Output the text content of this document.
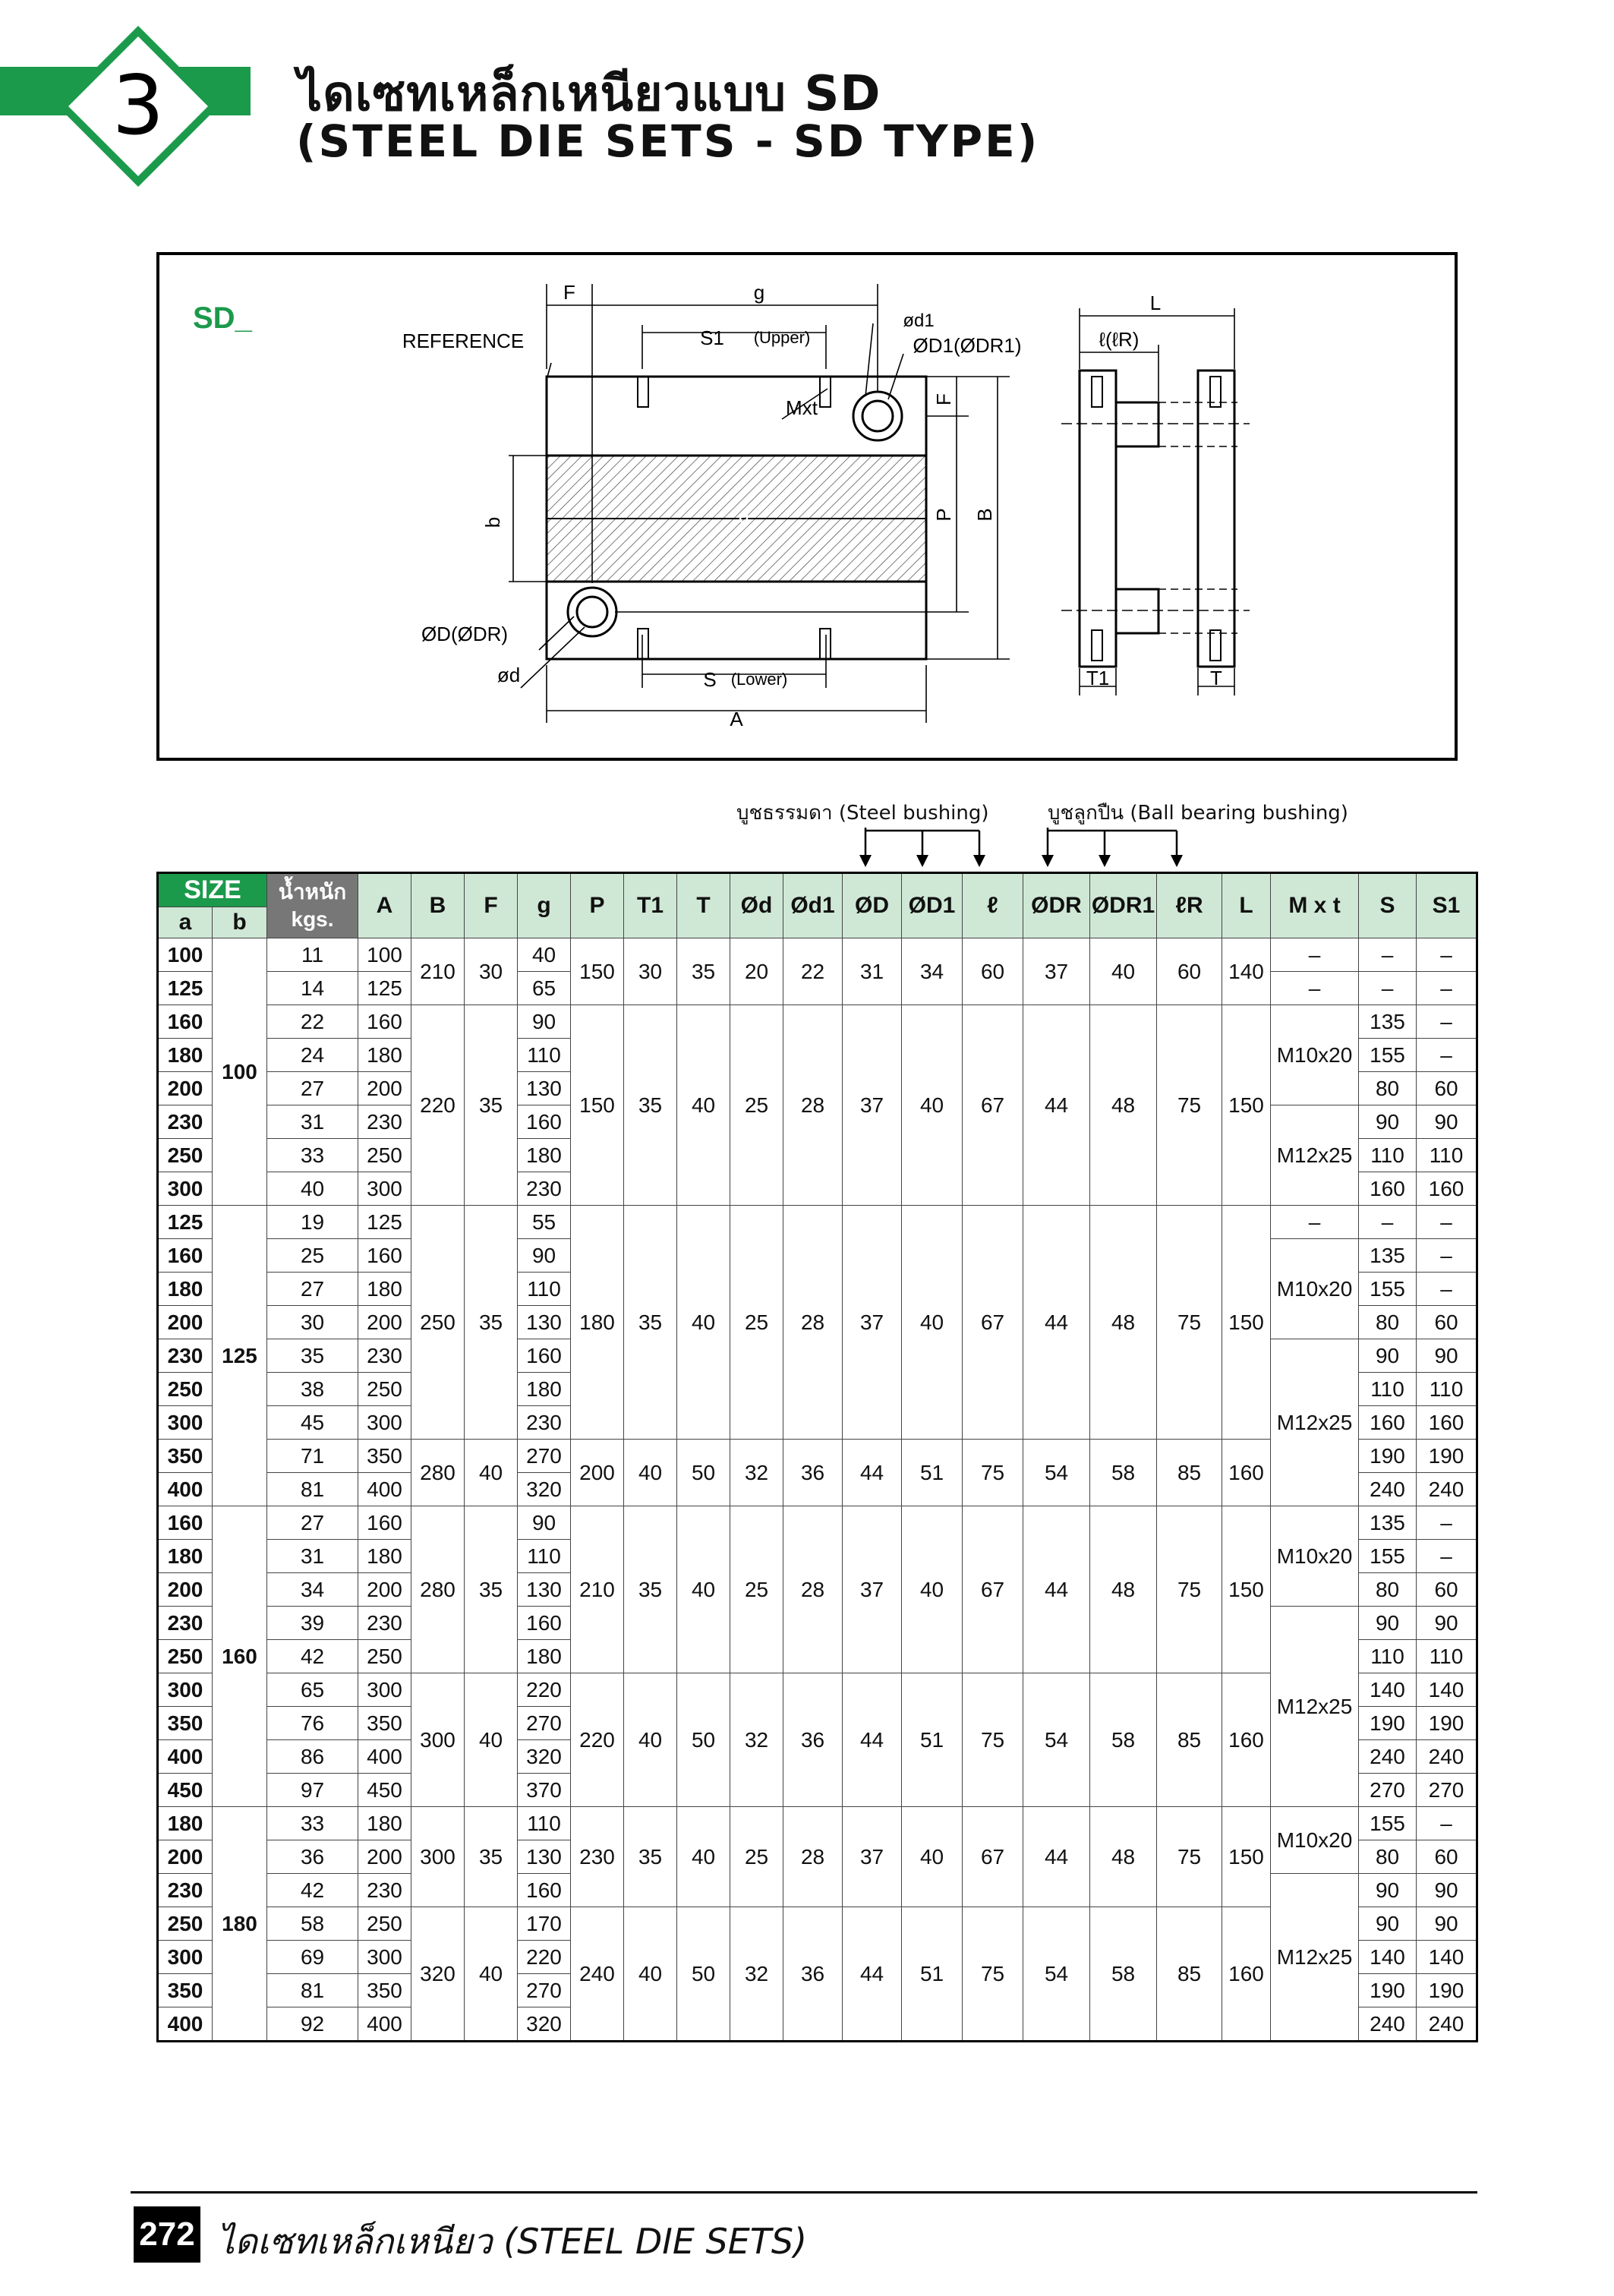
3	ไดเซทเหล็กเหนียวแบบ SD
(STEEL DIE SETS - SD TYPE)
SD_
F	g
S1 (Upper)
REFERENCE
ød1
ØD1(ØDR1)
Mxt
a
b
F
P B
ØD(ØDR)
ød	S (Lower)
A
L
ℓ(ℓR)
T1	T
บูชธรรมดา (Steel bushing)	บูชลูกปืน (Ball bearing bushing)
SIZE		น้ำหนัก
kgs.	A	B	F	g	P	T1	T	Ød	Ød1	ØD	ØD1	ℓ	ØDR	ØDR1	ℓR	L	M x t	S	S1
a	b																				
100	100	11	100	210	30	40	150	30	35	20	22	31	34	60	37	40	60	140	–	–	–
125		14	125			65													–	–	–
160		22	160	220	35	90	150	35	40	25	28	37	40	67	44	48	75	150	M10x20	135	–
180		24	180			110														155	–
200		27	200			130														80	60
230		31	230			160													M12x25	90	90
250		33	250			180														110	110
300		40	300			230														160	160
125	125	19	125	250	35	55	180	35	40	25	28	37	40	67	44	48	75	150	–	–	–
160		25	160			90													M10x20	135	–
180		27	180			110														155	–
200		30	200			130														80	60
230		35	230			160													M12x25	90	90
250		38	250			180														110	110
300		45	300			230														160	160
350		71	350	280	40	270	200	40	50	32	36	44	51	75	54	58	85	160		190	190
400		81	400			320														240	240
160	160	27	160	280	35	90	210	35	40	25	28	37	40	67	44	48	75	150	M10x20	135	–
180		31	180			110														155	–
200		34	200			130														80	60
230		39	230			160													M12x25	90	90
250		42	250			180														110	110
300		65	300	300	40	220	220	40	50	32	36	44	51	75	54	58	85	160		140	140
350		76	350			270														190	190
400		86	400			320														240	240
450		97	450			370														270	270
180	180	33	180	300	35	110	230	35	40	25	28	37	40	67	44	48	75	150	M10x20	155	–
200		36	200			130														80	60
230		42	230			160													M12x25	90	90
250		58	250	320	40	170	240	40	50	32	36	44	51	75	54	58	85	160		90	90
300		69	300			220														140	140
350		81	350			270														190	190
400		92	400			320														240	240
272 ไดเซทเหล็กเหนียว (STEEL DIE SETS)
